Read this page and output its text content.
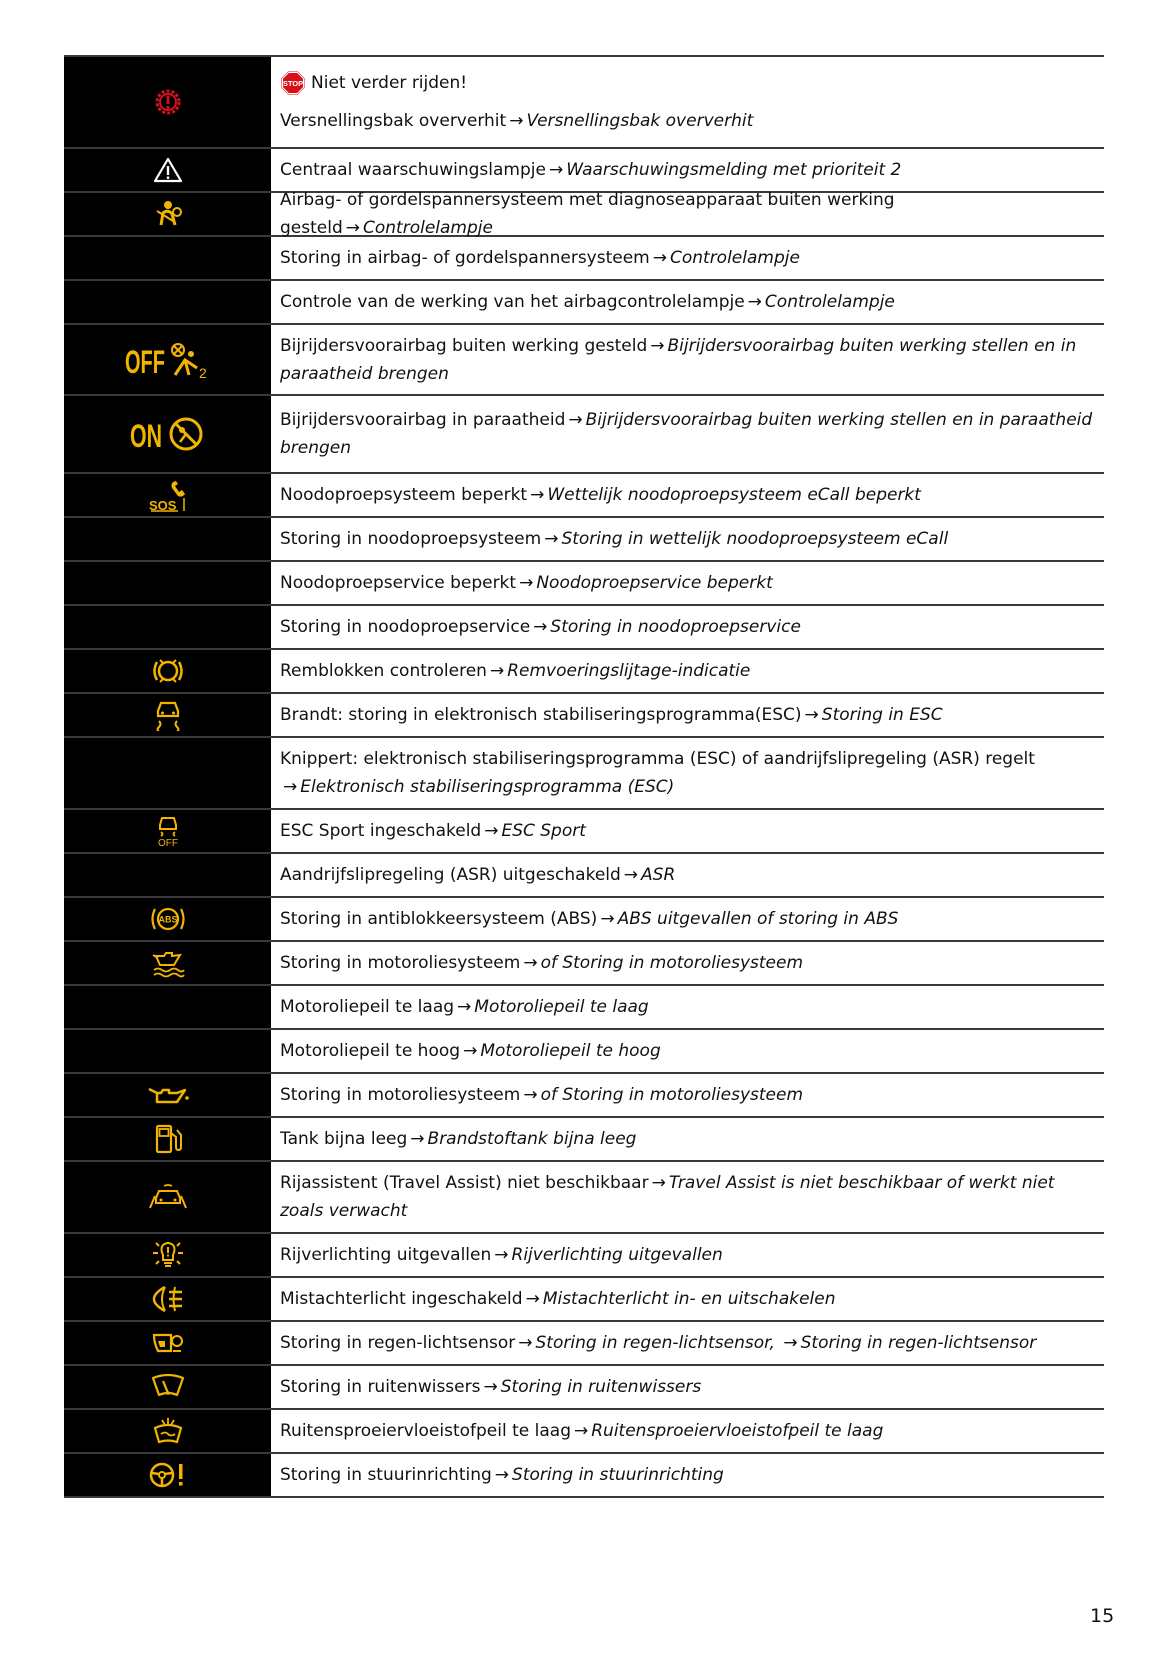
STOP Niet verder rijden!
Versnellingsbak oververhit → Versnellingsbak oververhit
Centraal waarschuwingslampje → Waarschuwingsmelding met prioriteit 2
Airbag- of gordelspannersysteem met diagnoseapparaat buiten werking gesteld → Controlelampje
Storing in airbag- of gordelspannersysteem → Controlelampje
Controle van de werking van het airbagcontrolelampje → Controlelampje
OFF 2
Bijrijdersvoorairbag buiten werking gesteld → Bijrijdersvoorairbag buiten werking stellen en in paraatheid brengen
ON	Bijrijdersvoorairbag in paraatheid → Bijrijdersvoorairbag buiten werking stellen en in paraatheid brengen
SOS
Noodoproepsysteem beperkt → Wettelijk noodoproepsysteem eCall beperkt
Storing in noodoproepsysteem → Storing in wettelijk noodoproepsysteem eCall
Noodoproepservice beperkt → Noodoproepservice beperkt
Storing in noodoproepservice → Storing in noodoproepservice
Remblokken controleren → Remvoeringslijtage-indicatie
Brandt: storing in elektronisch stabiliseringsprogramma(ESC) → Storing in ESC
Knippert: elektronisch stabiliseringsprogramma (ESC) of aandrijfslipregeling (ASR) regelt
→ Elektronisch stabiliseringsprogramma (ESC)
OFF
ESC Sport ingeschakeld → ESC Sport
Aandrijfslipregeling (ASR) uitgeschakeld → ASR
ABS	Storing in antiblokkeersysteem (ABS) → ABS uitgevallen of storing in ABS
Storing in motoroliesysteem → of Storing in motoroliesysteem
Motoroliepeil te laag → Motoroliepeil te laag
Motoroliepeil te hoog → Motoroliepeil te hoog
Storing in motoroliesysteem → of Storing in motoroliesysteem
Tank bijna leeg → Brandstoftank bijna leeg
Rijassistent (Travel Assist) niet beschikbaar → Travel Assist is niet beschikbaar of werkt niet zoals verwacht
Rijverlichting uitgevallen → Rijverlichting uitgevallen
Mistachterlicht ingeschakeld → Mistachterlicht in- en uitschakelen
Storing in regen-lichtsensor → Storing in regen-lichtsensor, → Storing in regen-lichtsensor
Storing in ruitenwissers → Storing in ruitenwissers
Ruitensproeiervloeistofpeil te laag → Ruitensproeiervloeistofpeil te laag
Storing in stuurinrichting → Storing in stuurinrichting
15
